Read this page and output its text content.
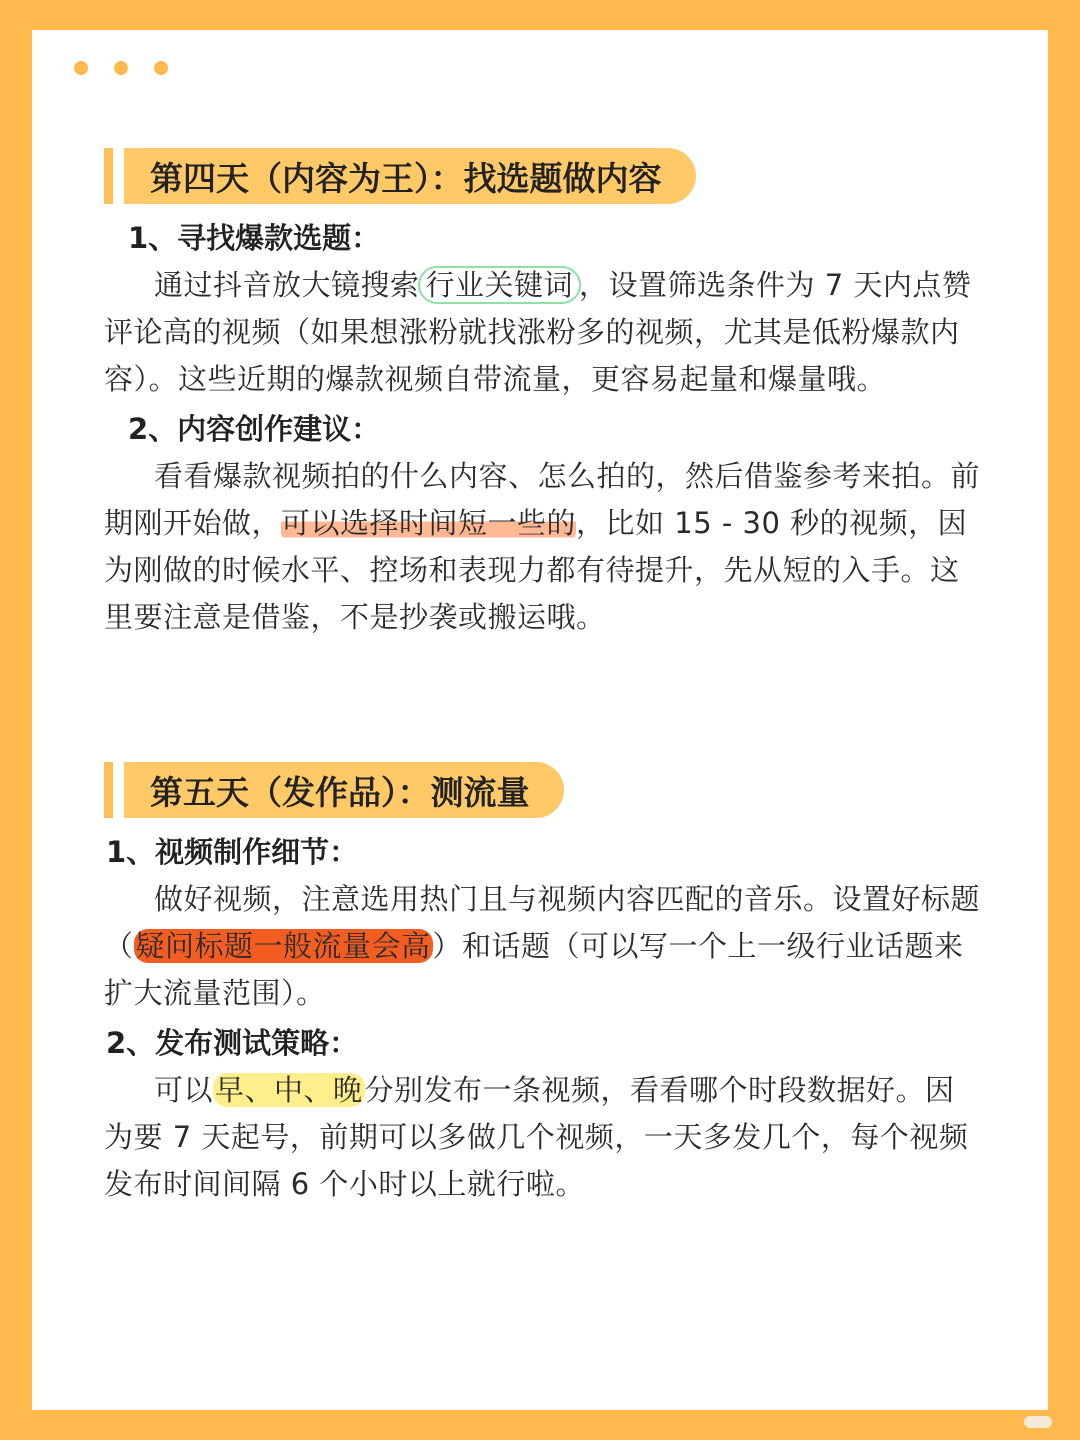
第四天（内容为王）：找选题做内容
1、寻找爆款选题：

通过抖音放大镜搜索 行业关键词 ，设置筛选条件为 7 天内点赞评论高的视频（如果想涨粉就找涨粉多的视频，尤其是低粉爆款内容）。这些近期的爆款视频自带流量，更容易起量和爆量哦。

2、内容创作建议：

看看爆款视频拍的什么内容、怎么拍的，然后借鉴参考来拍。前期刚开始做，可以选择时间短一些的，比如 15 - 30 秒的视频，因为刚做的时候水平、控场和表现力都有待提升，先从短的入手。这里要注意是借鉴，不是抄袭或搬运哦。

第五天（发作品）：测流量
1、视频制作细节：

做好视频，注意选用热门且与视频内容匹配的音乐。设置好标题（疑问标题一般流量会高）和话题（可以写一个上一级行业话题来扩大流量范围）。

2、发布测试策略：

可以早、中、晚分别发布一条视频，看看哪个时段数据好。因为要 7 天起号，前期可以多做几个视频，一天多发几个，每个视频发布时间间隔 6 个小时以上就行啦。
